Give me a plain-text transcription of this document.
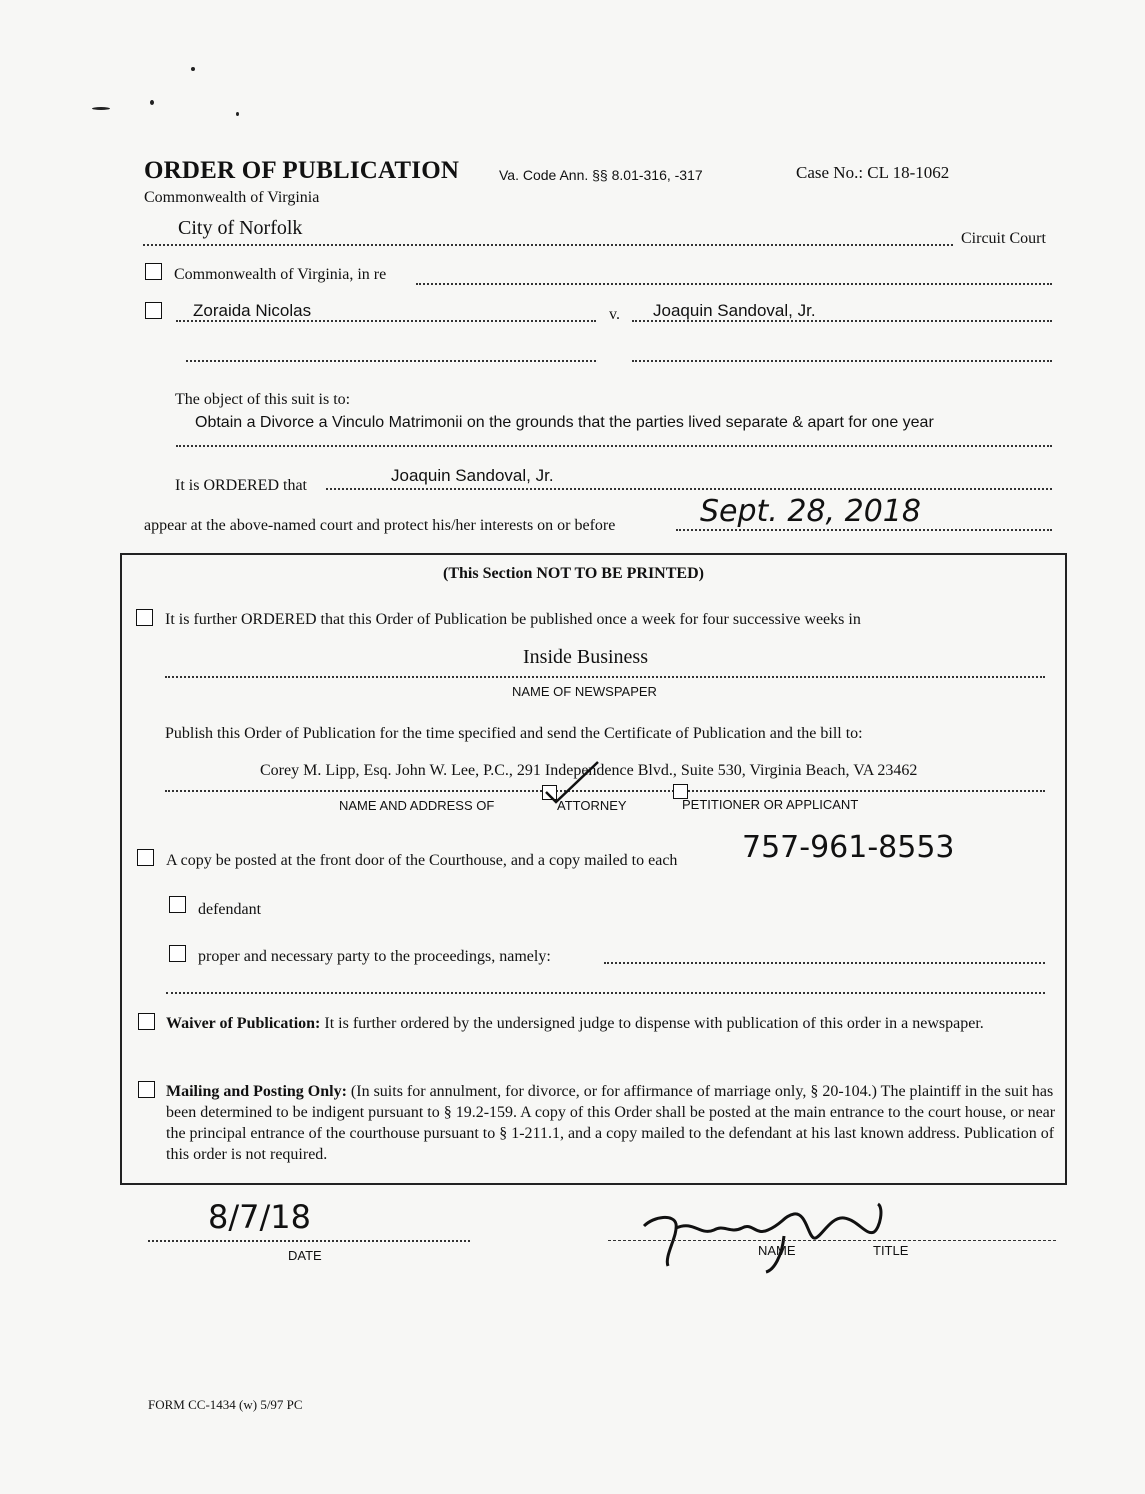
ORDER OF PUBLICATION	Va. Code Ann. §§ 8.01-316, -317	Case No.: CL 18-1062
Commonwealth of Virginia
City of Norfolk	Circuit Court
Commonwealth of Virginia, in re
Zoraida Nicolas	v. Joaquin Sandoval, Jr.
The object of this suit is to:
Obtain a Divorce a Vinculo Matrimonii on the grounds that the parties lived separate & apart for one year
It is ORDERED that
Joaquin Sandoval, Jr.
appear at the above-named court and protect his/her interests on or before	Sept. 28, 2018
(This Section NOT TO BE PRINTED)
It is further ORDERED that this Order of Publication be published once a week for four successive weeks in
Inside Business
NAME OF NEWSPAPER
Publish this Order of Publication for the time specified and send the Certificate of Publication and the bill to:
Corey M. Lipp, Esq. John W. Lee, P.C., 291 Independence Blvd., Suite 530, Virginia Beach, VA 23462
NAME AND ADDRESS OF	ATTORNEY	PETITIONER OR APPLICANT
A copy be posted at the front door of the Courthouse, and a copy mailed to each 757-961-8553
defendant
proper and necessary party to the proceedings, namely:
Waiver of Publication: It is further ordered by the undersigned judge to dispense with publication of this order in a newspaper.
Mailing and Posting Only: (In suits for annulment, for divorce, or for affirmance of marriage only, § 20-104.) The plaintiff in the suit has been determined to be indigent pursuant to § 19.2-159. A copy of this Order shall be posted at the main entrance to the court house, or near the principal entrance of the courthouse pursuant to § 1-211.1, and a copy mailed to the defendant at his last known address. Publication of this order is not required.
8/7/18
DATE	NAME	TITLE
FORM CC-1434 (w) 5/97 PC
